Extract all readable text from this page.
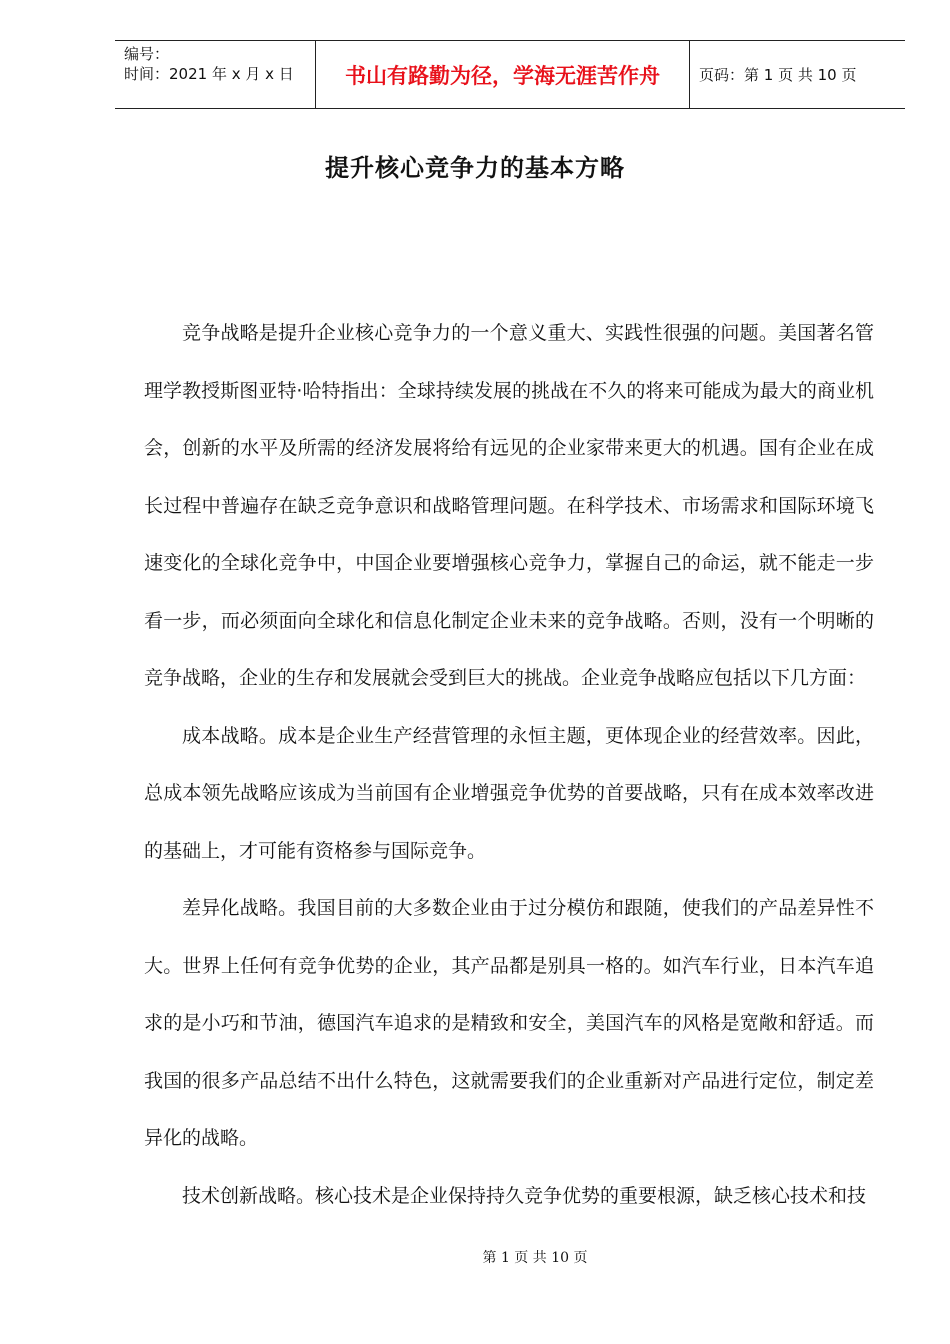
编号：
时间：2021 年 x 月 x 日	书山有路勤为径，学海无涯苦作舟	页码：第 1 页 共 10 页
提升核心竞争力的基本方略

竞争战略是提升企业核心竞争力的一个意义重大、实践性很强的问题。美国著名管理学教授斯图亚特·哈特指出：全球持续发展的挑战在不久的将来可能成为最大的商业机会，创新的水平及所需的经济发展将给有远见的企业家带来更大的机遇。国有企业在成长过程中普遍存在缺乏竞争意识和战略管理问题。在科学技术、市场需求和国际环境飞速变化的全球化竞争中，中国企业要增强核心竞争力，掌握自己的命运，就不能走一步看一步，而必须面向全球化和信息化制定企业未来的竞争战略。否则，没有一个明晰的竞争战略，企业的生存和发展就会受到巨大的挑战。企业竞争战略应包括以下几方面：

成本战略。成本是企业生产经营管理的永恒主题，更体现企业的经营效率。因此，总成本领先战略应该成为当前国有企业增强竞争优势的首要战略，只有在成本效率改进的基础上，才可能有资格参与国际竞争。

差异化战略。我国目前的大多数企业由于过分模仿和跟随，使我们的产品差异性不大。世界上任何有竞争优势的企业，其产品都是别具一格的。如汽车行业，日本汽车追求的是小巧和节油，德国汽车追求的是精致和安全，美国汽车的风格是宽敞和舒适。而我国的很多产品总结不出什么特色，这就需要我们的企业重新对产品进行定位，制定差异化的战略。

技术创新战略。核心技术是企业保持持久竞争优势的重要根源，缺乏核心技术和技

第 1 页 共 10 页
